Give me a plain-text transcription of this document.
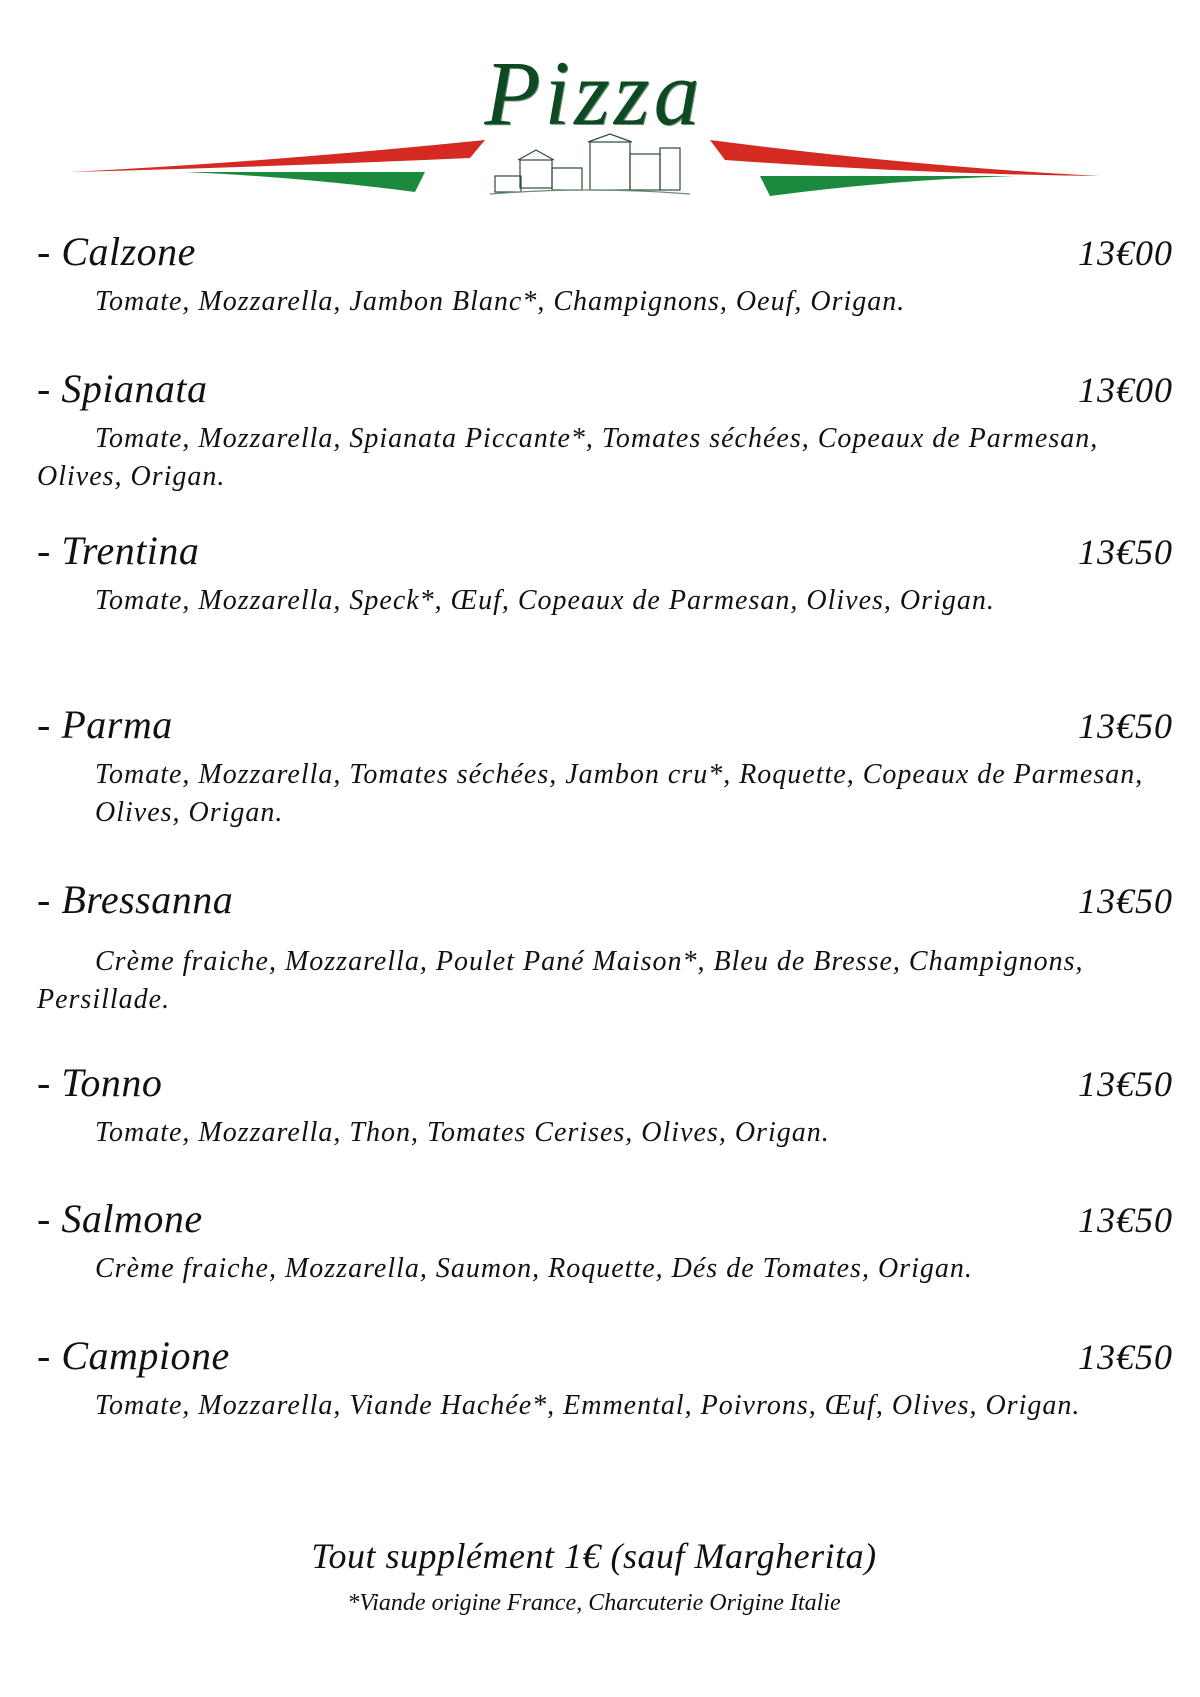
Pizza
- Calzone	13€00
Tomate, Mozzarella, Jambon Blanc*, Champignons, Oeuf, Origan.
- Spianata	13€00
Tomate, Mozzarella, Spianata Piccante*, Tomates séchées, Copeaux de Parmesan, Olives, Origan.
- Trentina	13€50
Tomate, Mozzarella, Speck*, Œuf, Copeaux de Parmesan, Olives, Origan.
- Parma	13€50
Tomate, Mozzarella, Tomates séchées, Jambon cru*, Roquette, Copeaux de Parmesan, Olives, Origan.
- Bressanna	13€50
Crème fraiche, Mozzarella, Poulet Pané Maison*, Bleu de Bresse, Champignons, Persillade.
- Tonno	13€50
Tomate, Mozzarella, Thon, Tomates Cerises, Olives, Origan.
- Salmone	13€50
Crème fraiche, Mozzarella, Saumon, Roquette, Dés de Tomates, Origan.
- Campione	13€50
Tomate, Mozzarella, Viande Hachée*, Emmental, Poivrons, Œuf, Olives, Origan.
Tout supplément 1€ (sauf Margherita)
*Viande origine France, Charcuterie Origine Italie
